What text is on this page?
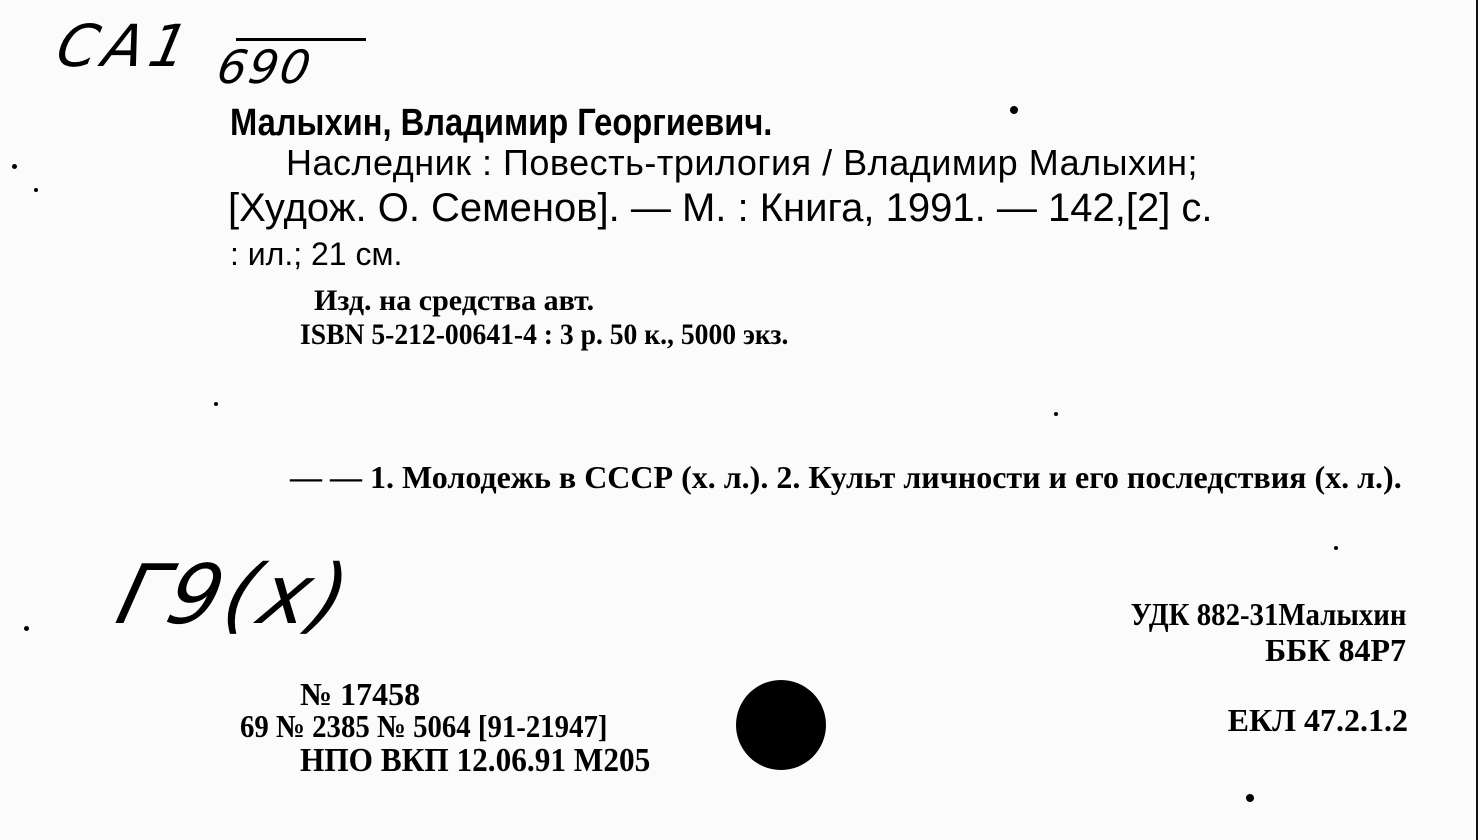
CA1 690
Малыхин, Владимир Георгиевич.
Наследник : Повесть-трилогия / Владимир Малыхин;
[Худож. О. Семенов]. — М. : Книга, 1991. — 142,[2] с.
: ил.; 21 см.
Изд. на средства авт.
ISBN 5-212-00641-4 : 3 р. 50 к., 5000 экз.
— — 1. Молодежь в СССР (х. л.). 2. Культ личности и его последствия (х. л.).
Г9(х)	УДК 882-31Малыхин
ББК 84Р7
ЕКЛ 47.2.1.2
№ 17458
69 № 2385 № 5064 [91-21947]
НПО ВКП 12.06.91 М205
